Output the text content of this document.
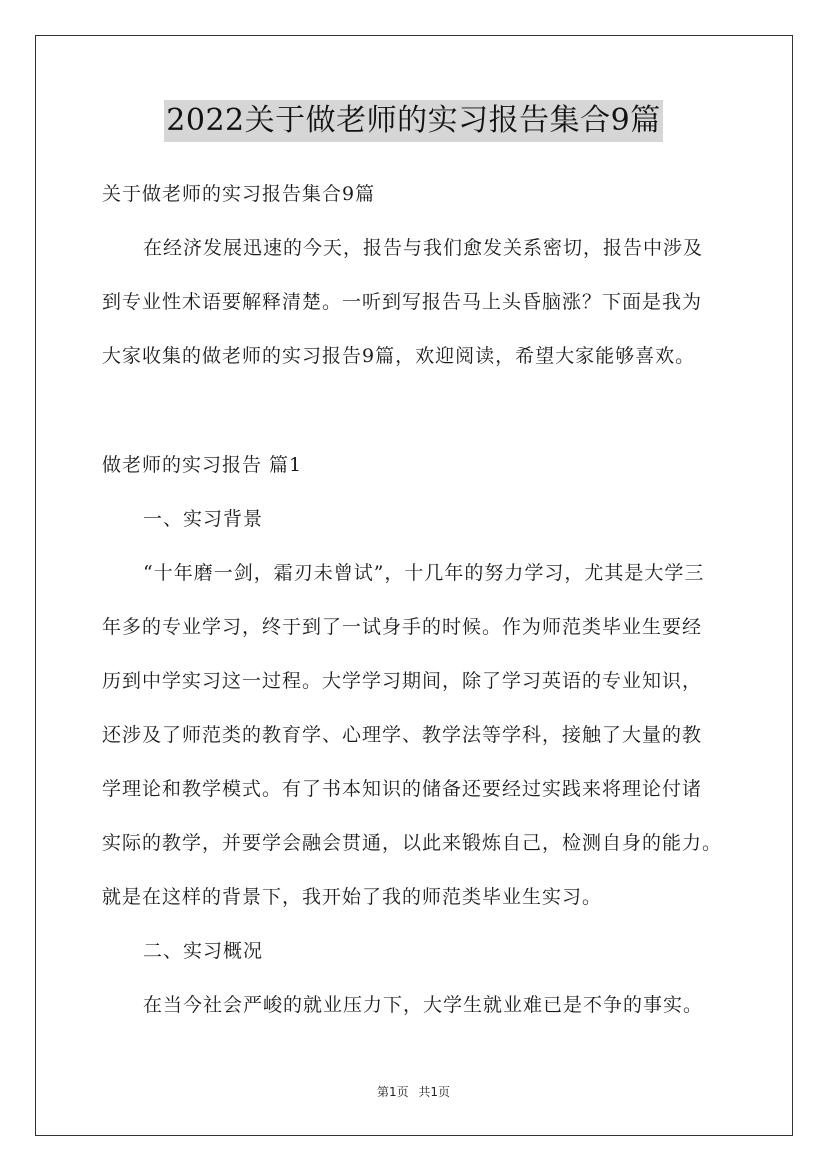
2022关于做老师的实习报告集合9篇
关于做老师的实习报告集合9篇
在经济发展迅速的今天，报告与我们愈发关系密切，报告中涉及
到专业性术语要解释清楚。一听到写报告马上头昏脑涨？下面是我为
大家收集的做老师的实习报告9篇，欢迎阅读，希望大家能够喜欢。
做老师的实习报告 篇1
一、实习背景
“十年磨一剑，霜刃未曾试”，十几年的努力学习，尤其是大学三
年多的专业学习，终于到了一试身手的时候。作为师范类毕业生要经
历到中学实习这一过程。大学学习期间，除了学习英语的专业知识，
还涉及了师范类的教育学、心理学、教学法等学科，接触了大量的教
学理论和教学模式。有了书本知识的储备还要经过实践来将理论付诸
实际的教学，并要学会融会贯通，以此来锻炼自己，检测自身的能力。
就是在这样的背景下，我开始了我的师范类毕业生实习。
二、实习概况
在当今社会严峻的就业压力下，大学生就业难已是不争的事实。
第1页 共1页
